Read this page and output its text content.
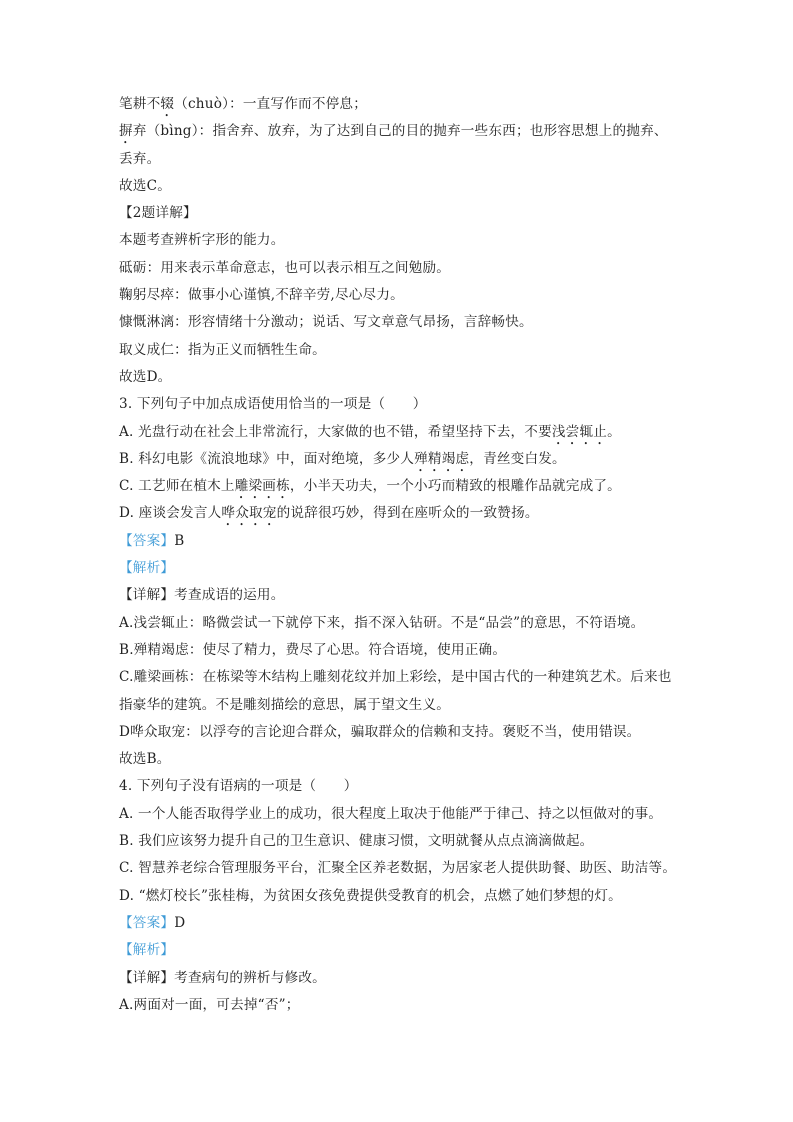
笔耕不辍（chuò）：一直写作而不停息；
摒弃（bìng）：指舍弃、放弃，为了达到自己的目的抛弃一些东西；也形容思想上的抛弃、
丢弃。
故选C。
【2题详解】
本题考查辨析字形的能力。
砥砺：用来表示革命意志，也可以表示相互之间勉励。
鞠躬尽瘁：做事小心谨慎,不辞辛劳,尽心尽力。
慷慨淋漓：形容情绪十分激动；说话、写文章意气昂扬，言辞畅快。
取义成仁：指为正义而牺牲生命。
故选D。
3. 下列句子中加点成语使用恰当的一项是（　　）
A. 光盘行动在社会上非常流行，大家做的也不错，希望坚持下去，不要浅尝辄止。
B. 科幻电影《流浪地球》中，面对绝境，多少人殚精竭虑，青丝变白发。
C. 工艺师在植木上雕梁画栋，小半天功夫，一个小巧而精致的根雕作品就完成了。
D. 座谈会发言人哗众取宠的说辞很巧妙，得到在座听众的一致赞扬。
【答案】B
【解析】
【详解】考查成语的运用。
A.浅尝辄止：略微尝试一下就停下来，指不深入钻研。不是“品尝”的意思，不符语境。
B.殚精竭虑：使尽了精力，费尽了心思。符合语境，使用正确。
C.雕梁画栋：在栋梁等木结构上雕刻花纹并加上彩绘，是中国古代的一种建筑艺术。后来也
指豪华的建筑。不是雕刻描绘的意思，属于望文生义。
D哗众取宠：以浮夸的言论迎合群众，骗取群众的信赖和支持。褒贬不当，使用错误。
故选B。
4. 下列句子没有语病的一项是（　　）
A. 一个人能否取得学业上的成功，很大程度上取决于他能严于律己、持之以恒做对的事。
B. 我们应该努力提升自己的卫生意识、健康习惯，文明就餐从点点滴滴做起。
C. 智慧养老综合管理服务平台，汇聚全区养老数据，为居家老人提供助餐、助医、助洁等。
D. “燃灯校长”张桂梅，为贫困女孩免费提供受教育的机会，点燃了她们梦想的灯。
【答案】D
【解析】
【详解】考查病句的辨析与修改。
A.两面对一面，可去掉“否”；
